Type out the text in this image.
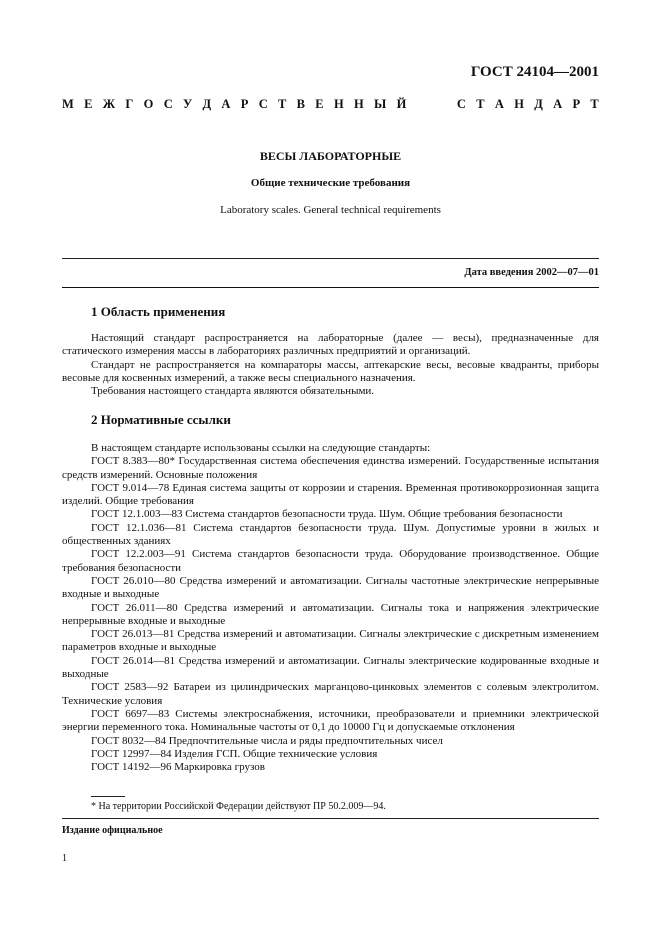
ГОСТ 24104—2001
М Е Ж Г О С У Д А Р С Т В Е Н Н Ы Й	С Т А Н Д А Р Т
ВЕСЫ ЛАБОРАТОРНЫЕ
Общие технические требования
Laboratory scales. General technical requirements
Дата введения 2002—07—01
1 Область применения

Настоящий стандарт распространяется на лабораторные (далее — весы), предназначенные для статического измерения массы в лабораториях различных предприятий и организаций.

Стандарт не распространяется на компараторы массы, аптекарские весы, весовые квадранты, приборы весовые для косвенных измерений, а также весы специального назначения.

Требования настоящего стандарта являются обязательными.

2 Нормативные ссылки

В настоящем стандарте использованы ссылки на следующие стандарты:

ГОСТ 8.383—80* Государственная система обеспечения единства измерений. Государственные испытания средств измерений. Основные положения

ГОСТ 9.014—78 Единая система защиты от коррозии и старения. Временная противокоррозионная защита изделий. Общие требования

ГОСТ 12.1.003—83 Система стандартов безопасности труда. Шум. Общие требования безопасности

ГОСТ 12.1.036—81 Система стандартов безопасности труда. Шум. Допустимые уровни в жилых и общественных зданиях

ГОСТ 12.2.003—91 Система стандартов безопасности труда. Оборудование производственное. Общие требования безопасности

ГОСТ 26.010—80 Средства измерений и автоматизации. Сигналы частотные электрические непрерывные входные и выходные

ГОСТ 26.011—80 Средства измерений и автоматизации. Сигналы тока и напряжения электрические непрерывные входные и выходные

ГОСТ 26.013—81 Средства измерений и автоматизации. Сигналы электрические с дискретным изменением параметров входные и выходные

ГОСТ 26.014—81 Средства измерений и автоматизации. Сигналы электрические кодированные входные и выходные

ГОСТ 2583—92 Батареи из цилиндрических марганцово-цинковых элементов с солевым электролитом. Технические условия

ГОСТ 6697—83 Системы электроснабжения, источники, преобразователи и приемники электрической энергии переменного тока. Номинальные частоты от 0,1 до 10000 Гц и допускаемые отклонения

ГОСТ 8032—84 Предпочтительные числа и ряды предпочтительных чисел

ГОСТ 12997—84 Изделия ГСП. Общие технические условия

ГОСТ 14192—96 Маркировка грузов

* На территории Российской Федерации действуют ПР 50.2.009—94.
Издание официальное
1
